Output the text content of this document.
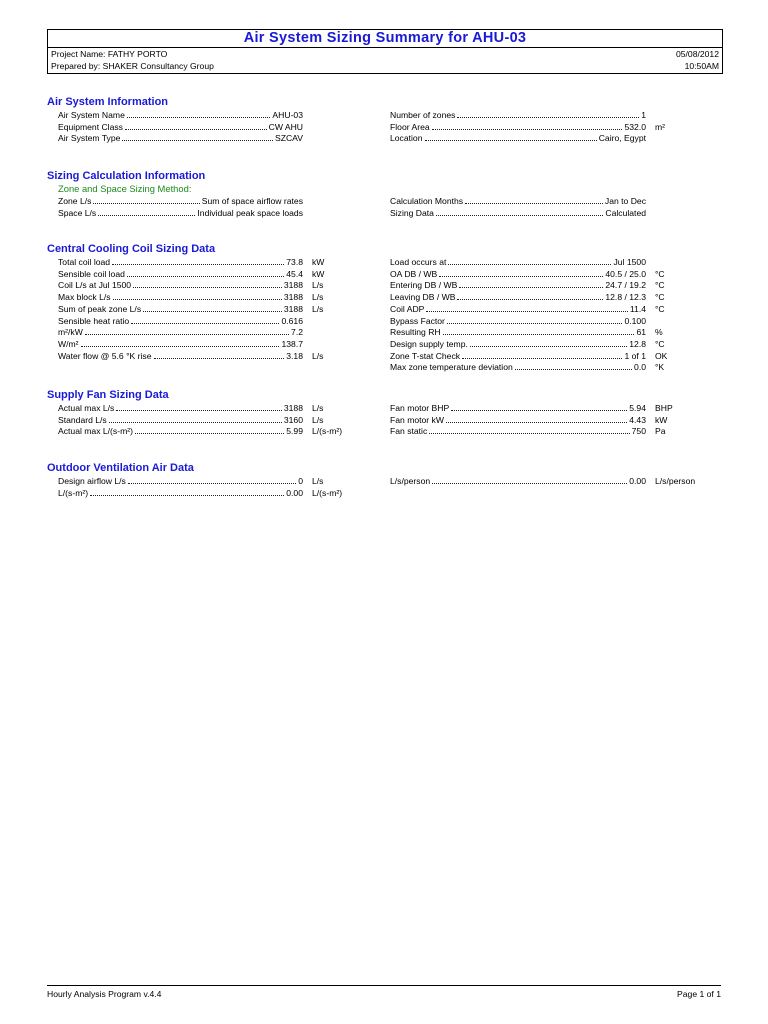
Air System Sizing Summary for AHU-03
Project Name: FATHY PORTO
Prepared by: SHAKER Consultancy Group
05/08/2012
10:50AM
Air System Information
Air System Name	AHU-03
Equipment Class	CW AHU
Air System Type	SZCAV
Number of zones	1
Floor Area	532.0 m²
Location	Cairo, Egypt
Sizing Calculation Information
Zone and Space Sizing Method:
Zone L/s	Sum of space airflow rates
Space L/s	Individual peak space loads
Calculation Months	Jan to Dec
Sizing Data	Calculated
Central Cooling Coil Sizing Data
Total coil load	73.8 kW
Sensible coil load	45.4 kW
Coil L/s at Jul 1500	3188 L/s
Max block L/s	3188 L/s
Sum of peak zone L/s	3188 L/s
Sensible heat ratio	0.616
m²/kW	7.2
W/m²	138.7
Water flow @ 5.6 °K rise	3.18 L/s
Load occurs at	Jul 1500
OA DB / WB	40.5 / 25.0 °C
Entering DB / WB	24.7 / 19.2 °C
Leaving DB / WB	12.8 / 12.3 °C
Coil ADP	11.4 °C
Bypass Factor	0.100
Resulting RH	61 %
Design supply temp.	12.8 °C
Zone T-stat Check	1 of 1 OK
Max zone temperature deviation	0.0 °K
Supply Fan Sizing Data
Actual max L/s	3188 L/s
Standard L/s	3160 L/s
Actual max L/(s-m²)	5.99 L/(s-m²)
Fan motor BHP	5.94 BHP
Fan motor kW	4.43 kW
Fan static	750 Pa
Outdoor Ventilation Air Data
Design airflow L/s	0 L/s
L/(s-m²)	0.00 L/(s-m²)
L/s/person	0.00 L/s/person
Hourly Analysis Program v.4.4	Page 1 of 1
